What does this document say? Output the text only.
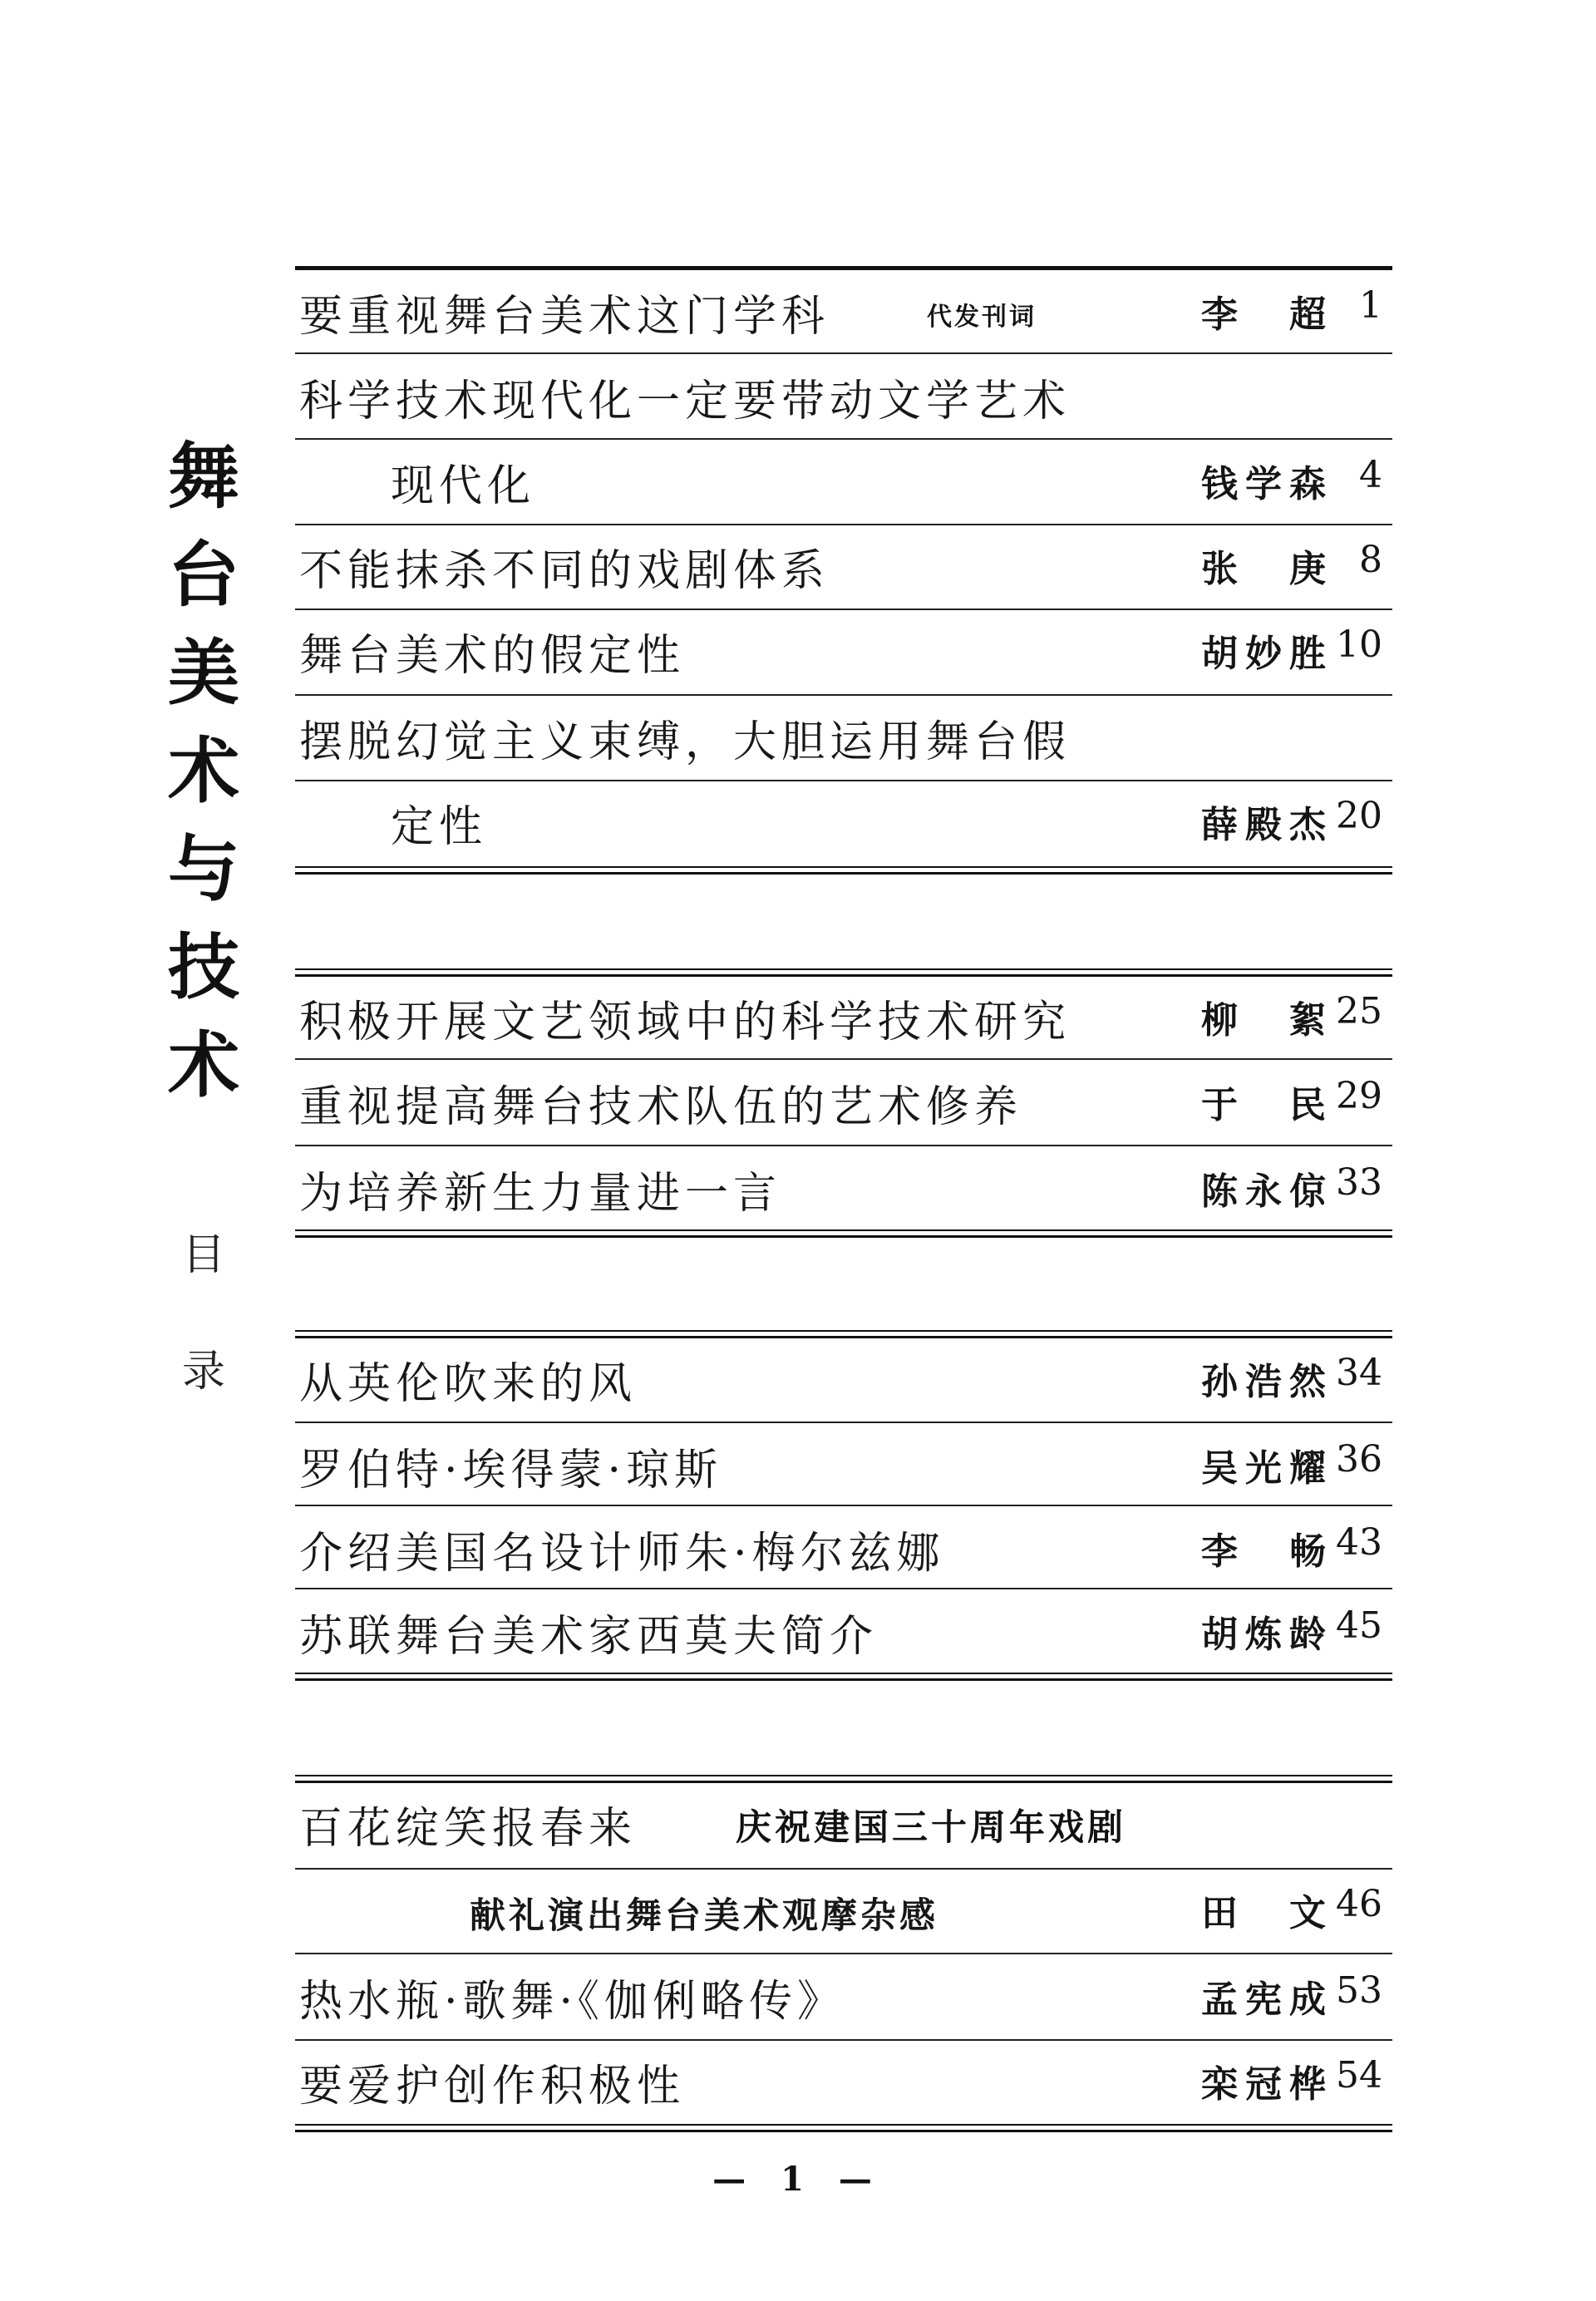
舞
台
美
术
与
技
术
目
录
要重视舞台美术这门学科	代发刊词	李 超 1
科学技术现代化一定要带动文学艺术
现代化	钱学森 4
不能抹杀不同的戏剧体系	张 庚 8
舞台美术的假定性	胡妙胜 10
摆脱幻觉主义束缚，大胆运用舞台假
定性	薛殿杰 20
积极开展文艺领域中的科学技术研究	柳 絮 25
重视提高舞台技术队伍的艺术修养	于 民 29
为培养新生力量进一言	陈永倞 33
从英伦吹来的风	孙浩然 34
罗伯特·埃得蒙·琼斯	吴光耀 36
介绍美国名设计师朱·梅尔兹娜	李 畅 43
苏联舞台美术家西莫夫简介	胡炼龄 45
百花绽笑报春来	庆祝建国三十周年戏剧
献礼演出舞台美术观摩杂感	田 文 46
热水瓶·歌舞·《伽俐略传》	孟宪成 53
要爱护创作积极性	栾冠桦 54
— 1 —
